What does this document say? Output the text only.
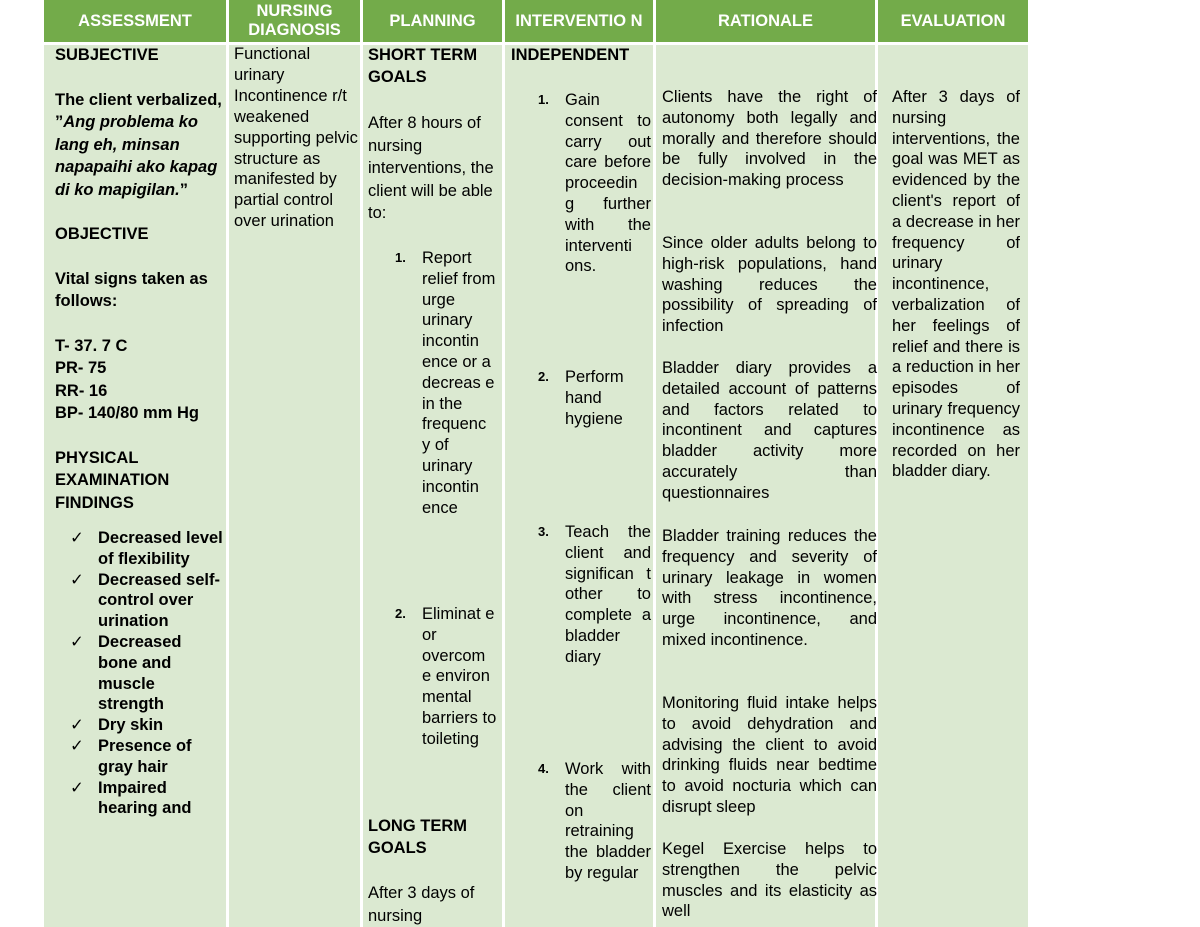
ASSESSMENT
NURSING DIAGNOSIS
PLANNING INTERVENTIO N	RATIONALE	EVALUATION
SUBJECTIVE
The client verbalized, ”Ang problema ko lang eh, minsan napapaihi ako kapag di ko mapigilan.”
OBJECTIVE
Vital signs taken as follows:
T- 37. 7 C
PR- 75
RR- 16
BP- 140/80 mm Hg
PHYSICAL EXAMINATION FINDINGS
✓ Decreased level of flexibility
✓ Decreased self-control over urination
✓ Decreased bone and muscle strength
✓ Dry skin
✓ Presence of gray hair
✓ Impaired hearing and
Functional urinary Incontinence r/t weakened supporting pelvic structure as manifested by partial control over urination
SHORT TERM GOALS
After 8 hours of nursing interventions, the client will be able to:
1. Report relief from urge urinary incontin ence or a decreas e in the frequenc y of urinary incontin ence
2. Eliminat e or overcom e environ mental barriers to toileting
LONG TERM GOALS
After 3 days of nursing
INDEPENDENT
1. Gain consent to carry out care before proceedin g further with the interventi ons.
2. Perform hand hygiene
3. Teach the client and significan t other to complete a bladder diary
4. Work with the client on retraining the bladder by regular
Clients have the right of autonomy both legally and morally and therefore should be fully involved in the decision-making process
Since older adults belong to high-risk populations, hand washing reduces the possibility of spreading of infection
Bladder diary provides a detailed account of patterns and factors related to incontinent and captures bladder activity more accurately than questionnaires
Bladder training reduces the frequency and severity of urinary leakage in women with stress incontinence, urge incontinence, and mixed incontinence.
Monitoring fluid intake helps to avoid dehydration and advising the client to avoid drinking fluids near bedtime to avoid nocturia which can disrupt sleep
Kegel Exercise helps to strengthen the pelvic muscles and its elasticity as well
After 3 days of nursing interventions, the goal was MET as evidenced by the client's report of a decrease in her frequency of urinary incontinence, verbalization of her feelings of relief and there is a reduction in her episodes of urinary frequency incontinence as recorded on her bladder diary.
